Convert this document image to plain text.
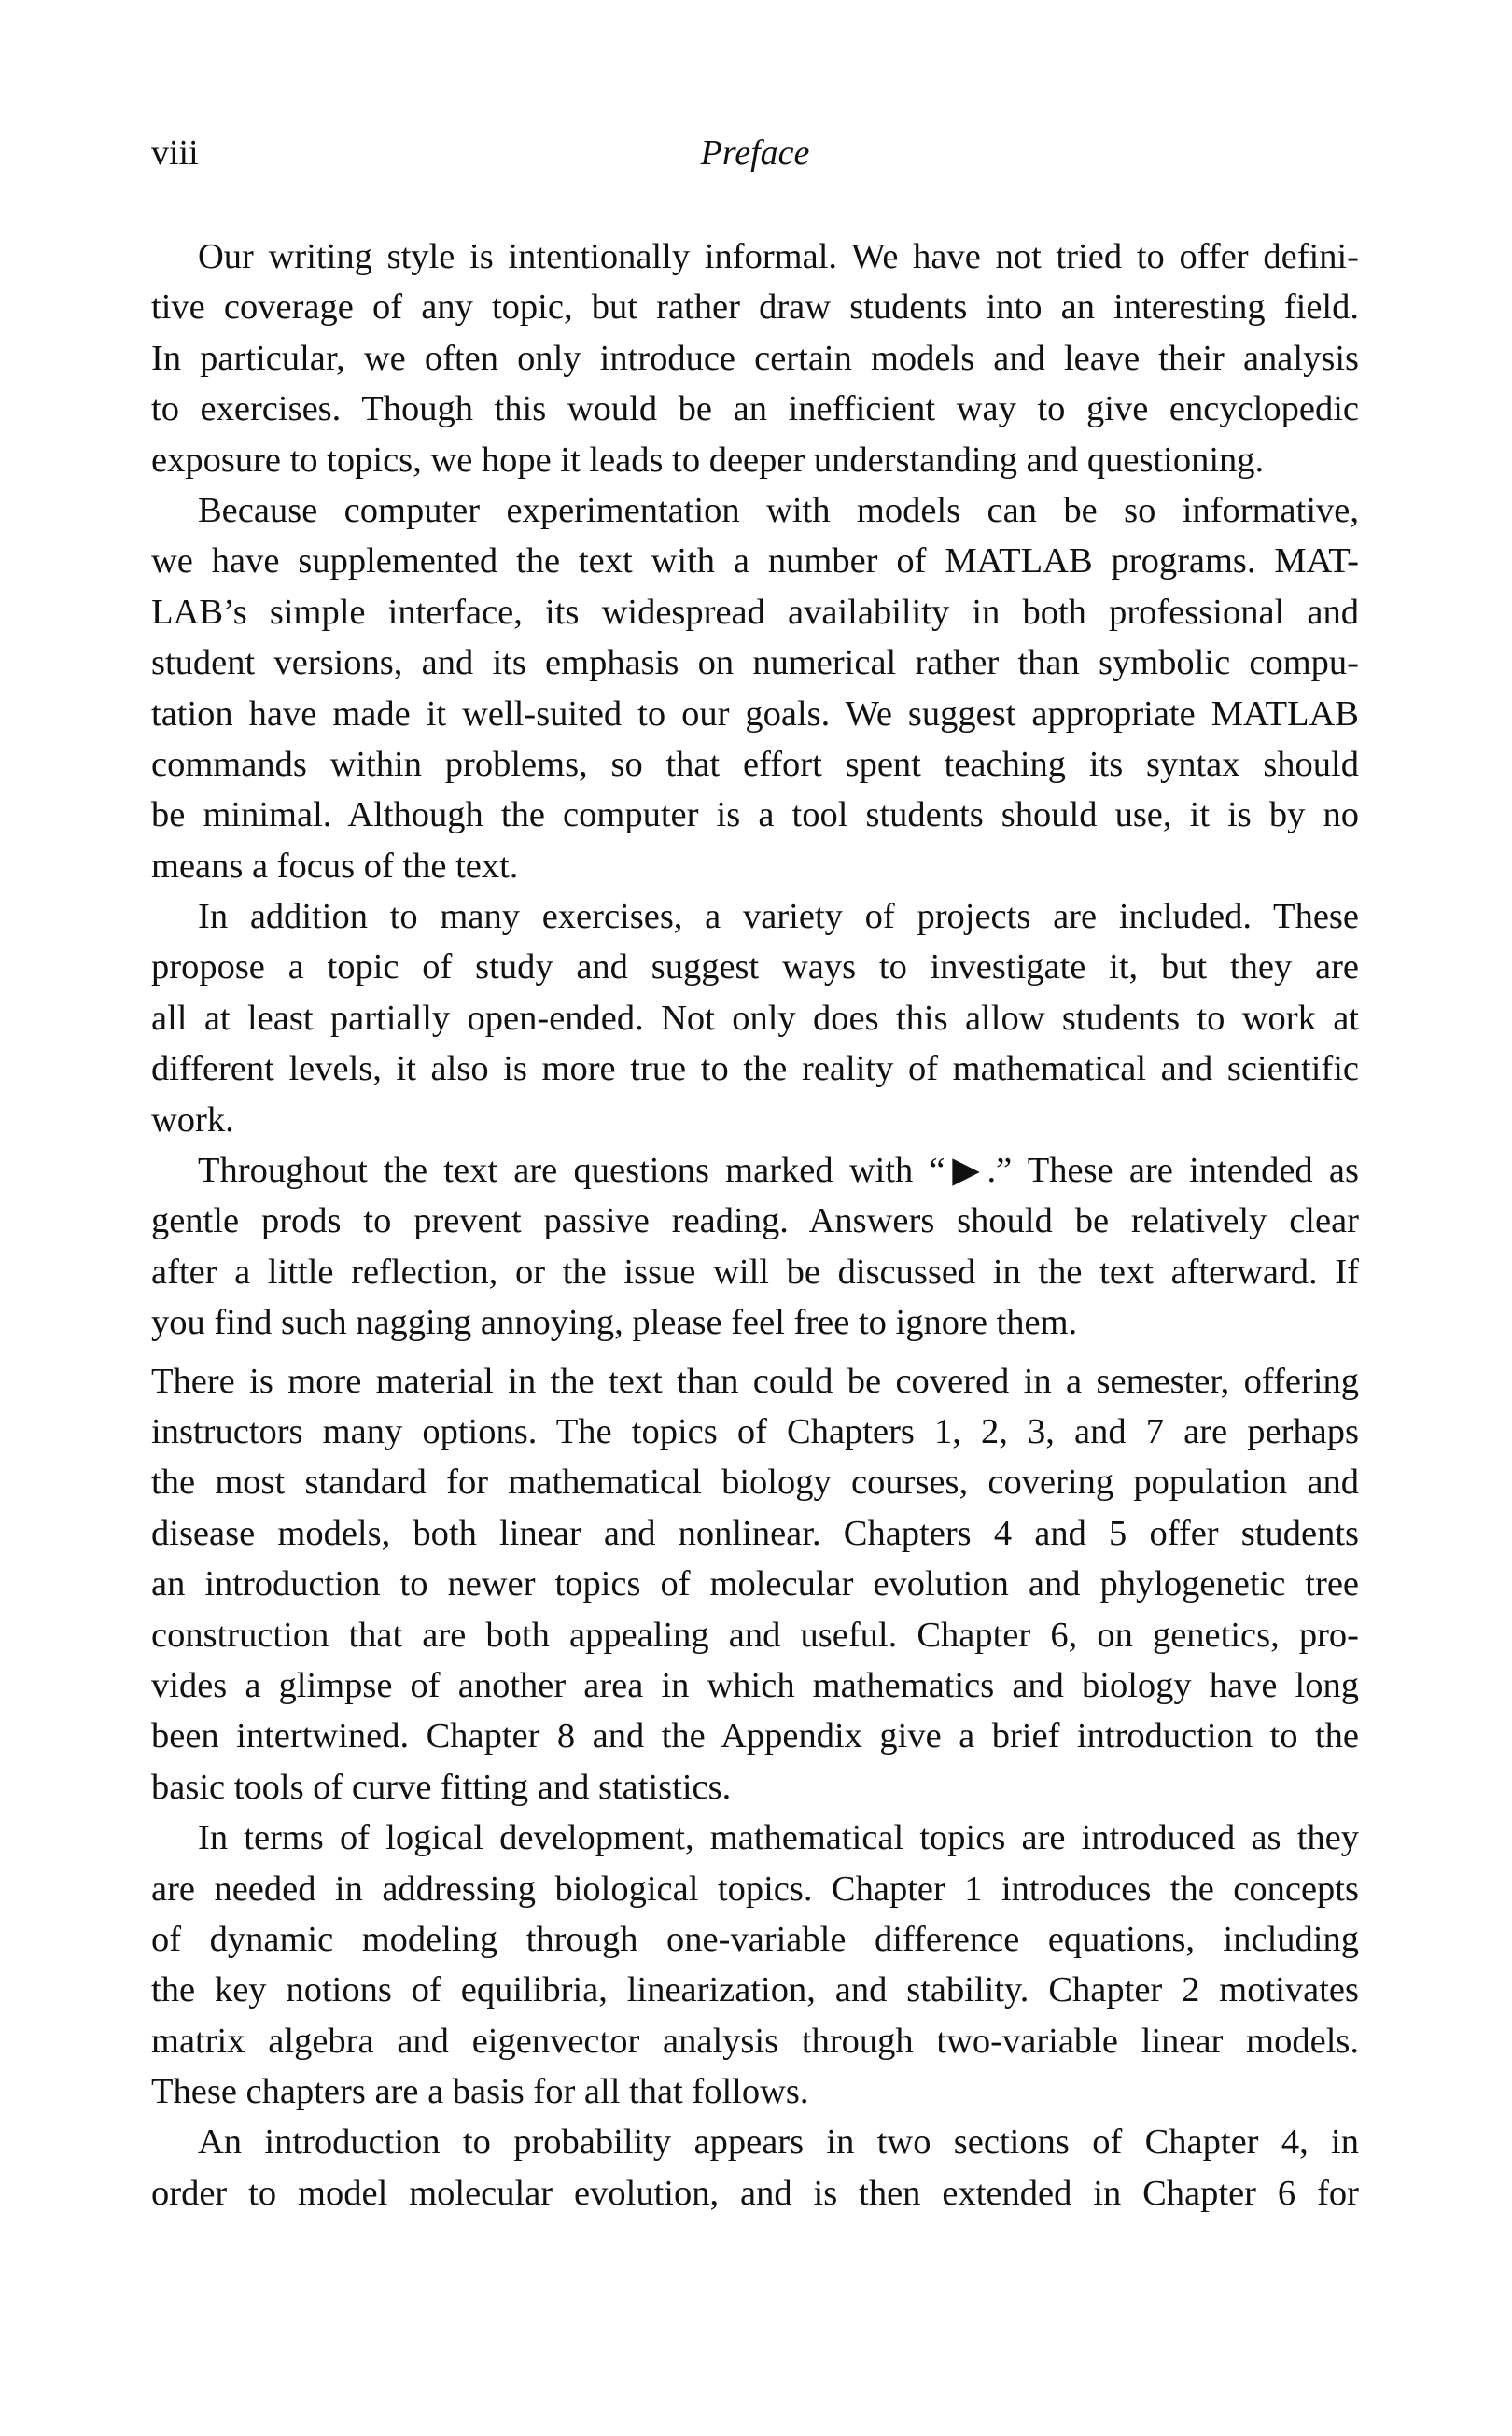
viii	Preface
Our writing style is intentionally informal. We have not tried to offer defini-
tive coverage of any topic, but rather draw students into an interesting field.
In particular, we often only introduce certain models and leave their analysis
to exercises. Though this would be an inefficient way to give encyclopedic
exposure to topics, we hope it leads to deeper understanding and questioning.
Because computer experimentation with models can be so informative,
we have supplemented the text with a number of MATLAB programs. MAT-
LAB’s simple interface, its widespread availability in both professional and
student versions, and its emphasis on numerical rather than symbolic compu-
tation have made it well-suited to our goals. We suggest appropriate MATLAB
commands within problems, so that effort spent teaching its syntax should
be minimal. Although the computer is a tool students should use, it is by no
means a focus of the text.
In addition to many exercises, a variety of projects are included. These
propose a topic of study and suggest ways to investigate it, but they are
all at least partially open-ended. Not only does this allow students to work at
different levels, it also is more true to the reality of mathematical and scientific
work.
Throughout the text are questions marked with “▶.” These are intended as
gentle prods to prevent passive reading. Answers should be relatively clear
after a little reflection, or the issue will be discussed in the text afterward. If
you find such nagging annoying, please feel free to ignore them.
There is more material in the text than could be covered in a semester, offering
instructors many options. The topics of Chapters 1, 2, 3, and 7 are perhaps
the most standard for mathematical biology courses, covering population and
disease models, both linear and nonlinear. Chapters 4 and 5 offer students
an introduction to newer topics of molecular evolution and phylogenetic tree
construction that are both appealing and useful. Chapter 6, on genetics, pro-
vides a glimpse of another area in which mathematics and biology have long
been intertwined. Chapter 8 and the Appendix give a brief introduction to the
basic tools of curve fitting and statistics.
In terms of logical development, mathematical topics are introduced as they
are needed in addressing biological topics. Chapter 1 introduces the concepts
of dynamic modeling through one-variable difference equations, including
the key notions of equilibria, linearization, and stability. Chapter 2 motivates
matrix algebra and eigenvector analysis through two-variable linear models.
These chapters are a basis for all that follows.
An introduction to probability appears in two sections of Chapter 4, in
order to model molecular evolution, and is then extended in Chapter 6 for
